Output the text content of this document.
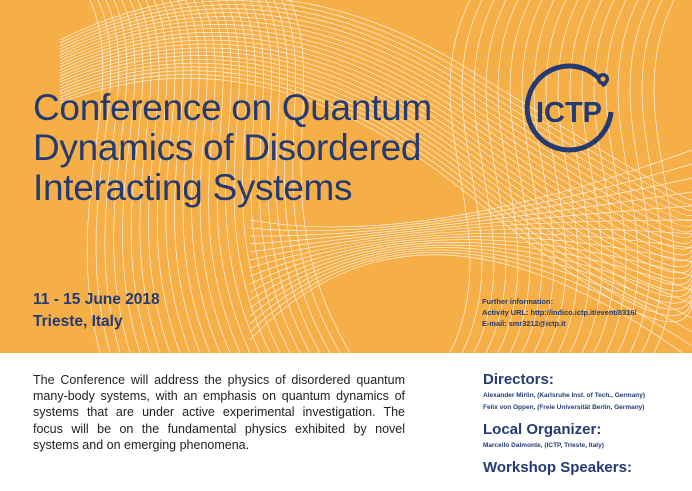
Conference on Quantum
Dynamics of Disordered
Interacting Systems
ICTP
11 - 15 June 2018
Trieste, Italy
Further information:
Activity URL: http://indico.ictp.it/event/8316/
E-mail: smr3212@ictp.it

The Conference will address the physics of disordered quantum many-body systems, with an emphasis on quantum dynamics of systems that are under active experimental investigation. The focus will be on the fundamental physics exhibited by novel systems and on emerging phenomena.

Directors:
Alexander Mirlin, (Karlsruhe Inst. of Tech., Germany)
Felix von Oppen, (Freie Universität Berlin, Germany)
Local Organizer:
Marcello Dalmonte, (ICTP, Trieste, Italy)
Workshop Speakers:
